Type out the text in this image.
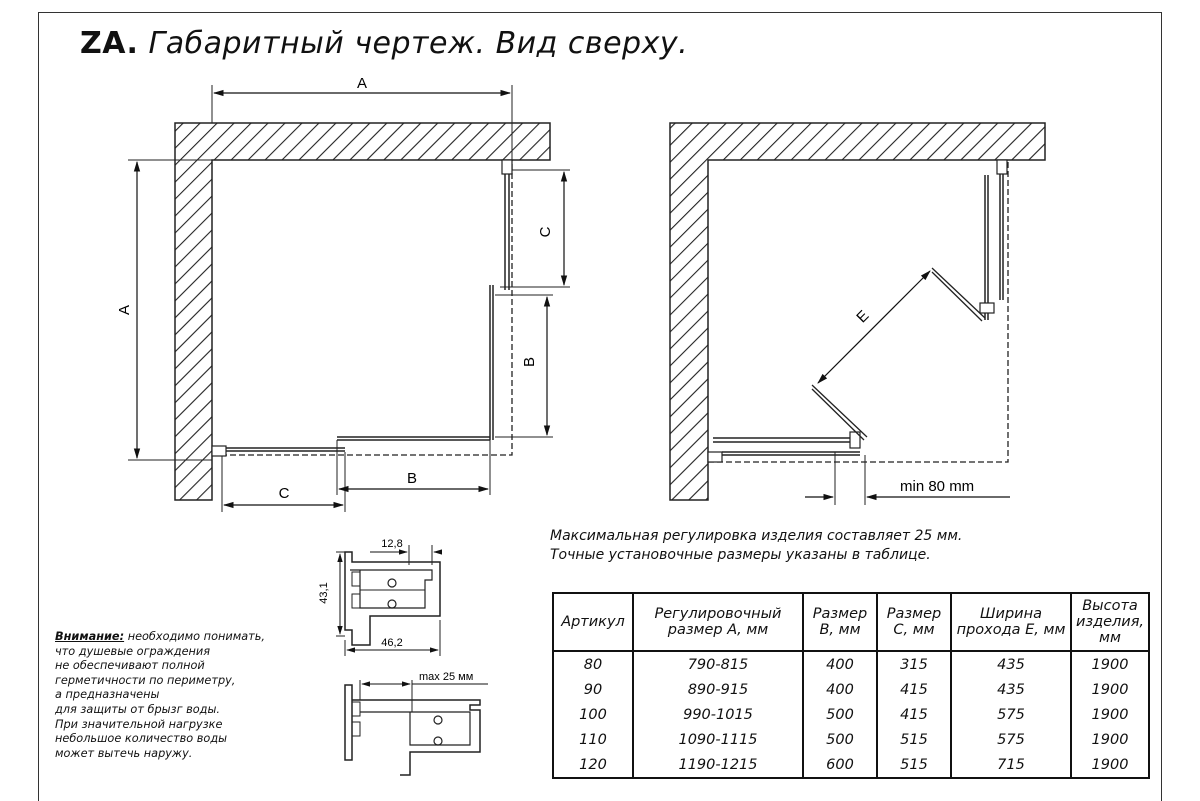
ZA. Габаритный чертеж. Вид сверху.
A
A
C
B
C
B
E
min 80 mm
43,1
12,8
46,2
max 25 мм
Внимание: необходимо понимать,
что душевые ограждения
не обеспечивают полной
герметичности по периметру,
а предназначены
для защиты от брызг воды.
При значительной нагрузке
небольшое количество воды
может вытечь наружу.
Максимальная регулировка изделия составляет 25 мм.
Точные установочные размеры указаны в таблице.
Артикул	Регулировочный размер А, мм	Размер В, мм	Размер С, мм	Ширина прохода Е, мм	Высота изделия, мм
80	790-815	400	315	435	1900
90	890-915	400	415	435	1900
100	990-1015	500	415	575	1900
110	1090-1115	500	515	575	1900
120	1190-1215	600	515	715	1900
